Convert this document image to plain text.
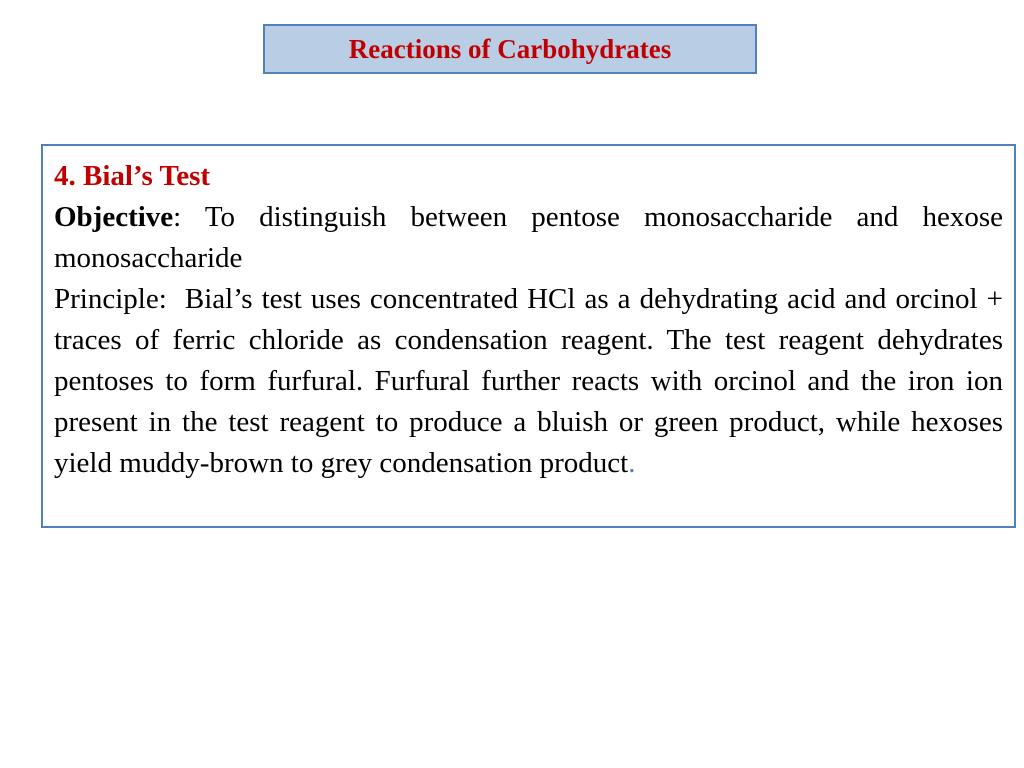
Reactions of Carbohydrates

4. Bial’s Test

Objective: To distinguish between pentose monosaccharide and hexose monosaccharide

Principle:  Bial’s test uses concentrated HCl as a dehydrating acid and orcinol + traces of ferric chloride as condensation reagent. The test reagent dehydrates pentoses to form furfural. Furfural further reacts with orcinol and the iron ion present in the test reagent to produce a bluish or green product, while hexoses yield muddy-brown to grey condensation product.
